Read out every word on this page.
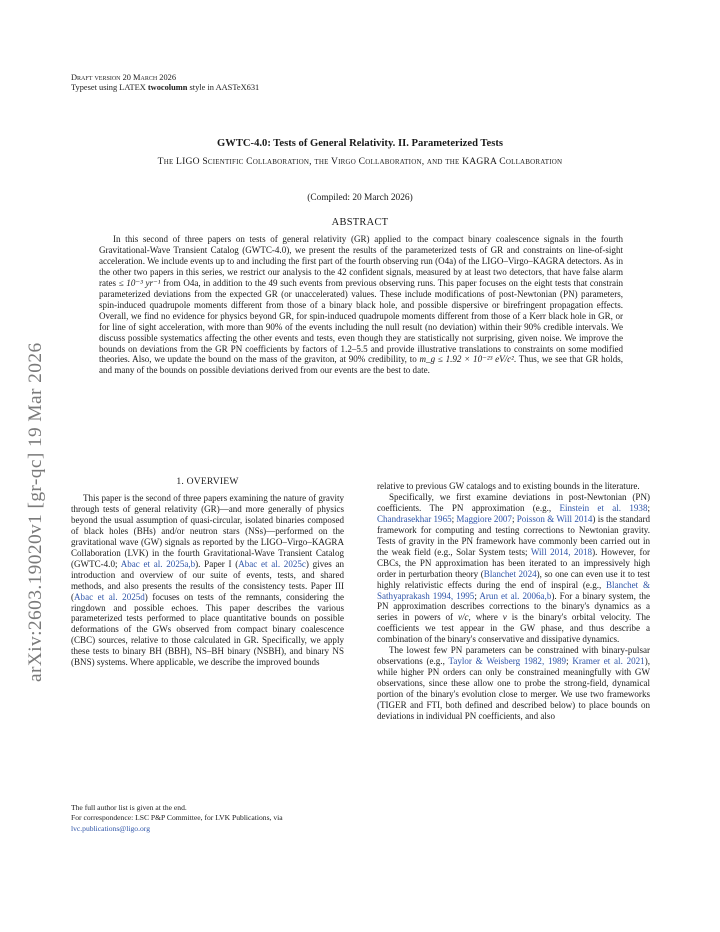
arXiv:2603.19020v1 [gr-qc] 19 Mar 2026
Draft version 20 March 2026
Typeset using LATEX twocolumn style in AASTeX631
GWTC-4.0: Tests of General Relativity. II. Parameterized Tests
The LIGO Scientific Collaboration, the Virgo Collaboration, and the KAGRA Collaboration
(Compiled: 20 March 2026)
ABSTRACT

In this second of three papers on tests of general relativity (GR) applied to the compact binary coalescence signals in the fourth Gravitational-Wave Transient Catalog (GWTC-4.0), we present the results of the parameterized tests of GR and constraints on line-of-sight acceleration. We include events up to and including the first part of the fourth observing run (O4a) of the LIGO–Virgo–KAGRA detectors. As in the other two papers in this series, we restrict our analysis to the 42 confident signals, measured by at least two detectors, that have false alarm rates ≤ 10⁻³ yr⁻¹ from O4a, in addition to the 49 such events from previous observing runs. This paper focuses on the eight tests that constrain parameterized deviations from the expected GR (or unaccelerated) values. These include modifications of post-Newtonian (PN) parameters, spin-induced quadrupole moments different from those of a binary black hole, and possible dispersive or birefringent propagation effects. Overall, we find no evidence for physics beyond GR, for spin-induced quadrupole moments different from those of a Kerr black hole in GR, or for line of sight acceleration, with more than 90% of the events including the null result (no deviation) within their 90% credible intervals. We discuss possible systematics affecting the other events and tests, even though they are statistically not surprising, given noise. We improve the bounds on deviations from the GR PN coefficients by factors of 1.2–5.5 and provide illustrative translations to constraints on some modified theories. Also, we update the bound on the mass of the graviton, at 90% credibility, to m_g ≤ 1.92 × 10⁻²³ eV/c². Thus, we see that GR holds, and many of the bounds on possible deviations derived from our events are the best to date.

1. OVERVIEW

This paper is the second of three papers examining the nature of gravity through tests of general relativity (GR)—and more generally of physics beyond the usual assumption of quasi-circular, isolated binaries composed of black holes (BHs) and/or neutron stars (NSs)—performed on the gravitational wave (GW) signals as reported by the LIGO–Virgo–KAGRA Collaboration (LVK) in the fourth Gravitational-Wave Transient Catalog (GWTC-4.0; Abac et al. 2025a,b). Paper I (Abac et al. 2025c) gives an introduction and overview of our suite of events, tests, and shared methods, and also presents the results of the consistency tests. Paper III (Abac et al. 2025d) focuses on tests of the remnants, considering the ringdown and possible echoes. This paper describes the various parameterized tests performed to place quantitative bounds on possible deformations of the GWs observed from compact binary coalescence (CBC) sources, relative to those calculated in GR. Specifically, we apply these tests to binary BH (BBH), NS–BH binary (NSBH), and binary NS (BNS) systems. Where applicable, we describe the improved bounds

relative to previous GW catalogs and to existing bounds in the literature.

Specifically, we first examine deviations in post-Newtonian (PN) coefficients. The PN approximation (e.g., Einstein et al. 1938; Chandrasekhar 1965; Maggiore 2007; Poisson & Will 2014) is the standard framework for computing and testing corrections to Newtonian gravity. Tests of gravity in the PN framework have commonly been carried out in the weak field (e.g., Solar System tests; Will 2014, 2018). However, for CBCs, the PN approximation has been iterated to an impressively high order in perturbation theory (Blanchet 2024), so one can even use it to test highly relativistic effects during the end of inspiral (e.g., Blanchet & Sathyaprakash 1994, 1995; Arun et al. 2006a,b). For a binary system, the PN approximation describes corrections to the binary's dynamics as a series in powers of v/c, where v is the binary's orbital velocity. The coefficients we test appear in the GW phase, and thus describe a combination of the binary's conservative and dissipative dynamics.

The lowest few PN parameters can be constrained with binary-pulsar observations (e.g., Taylor & Weisberg 1982, 1989; Kramer et al. 2021), while higher PN orders can only be constrained meaningfully with GW observations, since these allow one to probe the strong-field, dynamical portion of the binary's evolution close to merger. We use two frameworks (TIGER and FTI, both defined and described below) to place bounds on deviations in individual PN coefficients, and also

The full author list is given at the end.
For correspondence: LSC P&P Committee, for LVK Publications, via
lvc.publications@ligo.org
